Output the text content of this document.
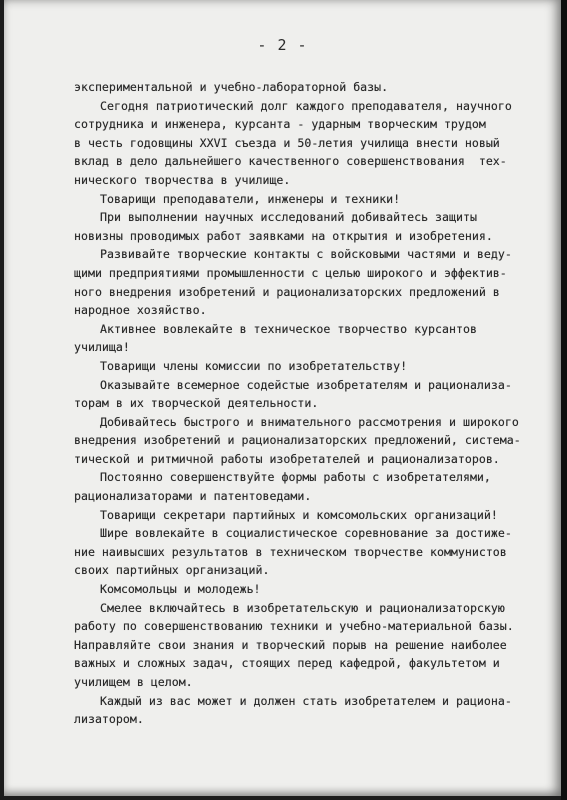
- 2 -
экспериментальной и учебно-лабораторной базы.
Сегодня патриотический долг каждого преподавателя, научного
сотрудника и инженера, курсанта - ударным творческим трудом
в честь годовщины XXVI съезда и 50-летия училища внести новый
вклад в дело дальнейшего качественного совершенствования  тех-
нического творчества в училище.
Товарищи преподаватели, инженеры и техники!
При выполнении научных исследований добивайтесь защиты
новизны проводимых работ заявками на открытия и изобретения.
Развивайте творческие контакты с войсковыми частями и веду-
щими предприятиями промышленности с целью широкого и эффектив-
ного внедрения изобретений и рационализаторских предложений в
народное хозяйство.
Активнее вовлекайте в техническое творчество курсантов
училища!
Товарищи члены комиссии по изобретательству!
Оказывайте всемерное содейстые изобретателям и рационализа-
торам в их творческой деятельности.
Добивайтесь быстрого и внимательного рассмотрения и широкого
внедрения изобретений и рационализаторских предложений, система-
тической и ритмичной работы изобретателей и рационализаторов.
Постоянно совершенствуйте формы работы с изобретателями,
рационализаторами и патентоведами.
Товарищи секретари партийных и комсомольских организаций!
Шире вовлекайте в социалистическое соревнование за достиже-
ние наивысших результатов в техническом творчестве коммунистов
своих партийных организаций.
Комсомольцы и молодежь!
Смелее включайтесь в изобретательскую и рационализаторскую
работу по совершенствованию техники и учебно-материальной базы.
Направляйте свои знания и творческий порыв на решение наиболее
важных и сложных задач, стоящих перед кафедрой, факультетом и
училищем в целом.
Каждый из вас может и должен стать изобретателем и рациона-
лизатором.
